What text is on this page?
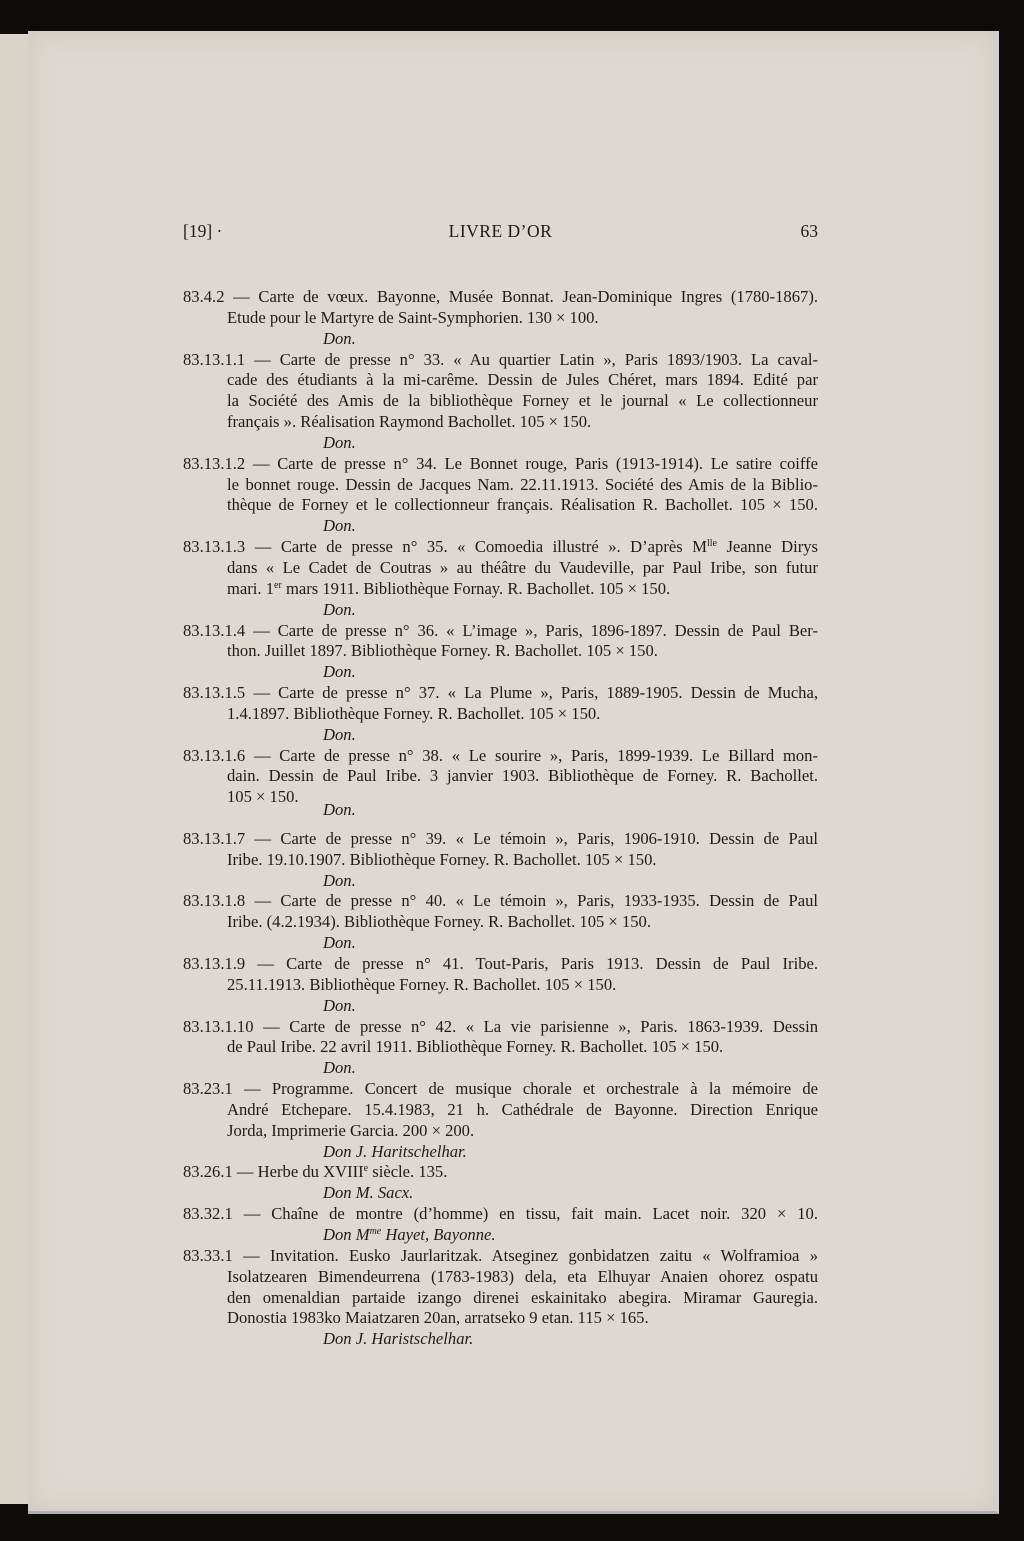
[19] ·	LIVRE D’OR	63
83.4.2 — Carte de vœux. Bayonne, Musée Bonnat. Jean-Dominique Ingres (1780-1867).
Etude pour le Martyre de Saint-Symphorien. 130 × 100.
Don.
83.13.1.1 — Carte de presse n° 33. « Au quartier Latin », Paris 1893/1903. La caval-
cade des étudiants à la mi-carême. Dessin de Jules Chéret, mars 1894. Edité par
la Société des Amis de la bibliothèque Forney et le journal « Le collectionneur
français ». Réalisation Raymond Bachollet. 105 × 150.
Don.
83.13.1.2 — Carte de presse n° 34. Le Bonnet rouge, Paris (1913-1914). Le satire coiffe
le bonnet rouge. Dessin de Jacques Nam. 22.11.1913. Société des Amis de la Biblio-
thèque de Forney et le collectionneur français. Réalisation R. Bachollet. 105 × 150.
Don.
83.13.1.3 — Carte de presse n° 35. « Comoedia illustré ». D’après $M^{lle}$ Jeanne Dirys
dans « Le Cadet de Coutras » au théâtre du Vaudeville, par Paul Iribe, son futur
mari. 1er mars 1911. Bibliothèque Fornay. R. Bachollet. 105 × 150.
Don.
83.13.1.4 — Carte de presse n° 36. « L’image », Paris, 1896-1897. Dessin de Paul Ber-
thon. Juillet 1897. Bibliothèque Forney. R. Bachollet. 105 × 150.
Don.
83.13.1.5 — Carte de presse n° 37. « La Plume », Paris, 1889-1905. Dessin de Mucha,
1.4.1897. Bibliothèque Forney. R. Bachollet. 105 × 150.
Don.
83.13.1.6 — Carte de presse n° 38. « Le sourire », Paris, 1899-1939. Le Billard mon-
dain. Dessin de Paul Iribe. 3 janvier 1903. Bibliothèque de Forney. R. Bachollet.
105 × 150.
Don.
83.13.1.7 — Carte de presse n° 39. « Le témoin », Paris, 1906-1910. Dessin de Paul
Iribe. 19.10.1907. Bibliothèque Forney. R. Bachollet. 105 × 150.
Don.
83.13.1.8 — Carte de presse n° 40. « Le témoin », Paris, 1933-1935. Dessin de Paul
Iribe. (4.2.1934). Bibliothèque Forney. R. Bachollet. 105 × 150.
Don.
83.13.1.9 — Carte de presse n° 41. Tout-Paris, Paris 1913. Dessin de Paul Iribe.
25.11.1913. Bibliothèque Forney. R. Bachollet. 105 × 150.
Don.
83.13.1.10 — Carte de presse n° 42. « La vie parisienne », Paris. 1863-1939. Dessin
de Paul Iribe. 22 avril 1911. Bibliothèque Forney. R. Bachollet. 105 × 150.
Don.
83.23.1 — Programme. Concert de musique chorale et orchestrale à la mémoire de
André Etchepare. 15.4.1983, 21 h. Cathédrale de Bayonne. Direction Enrique
Jorda, Imprimerie Garcia. 200 × 200.
Don J. Haritschelhar.
83.26.1 — Herbe du XVIIIe siècle. 135.
Don M. Sacx.
83.32.1 — Chaîne de montre (d’homme) en tissu, fait main. Lacet noir. 320 × 10.
Don $M^{me}$ Hayet, Bayonne.
83.33.1 — Invitation. Eusko Jaurlaritzak. Atseginez gonbidatzen zaitu « Wolframioa »
Isolatzearen Bimendeurrena (1783-1983) dela, eta Elhuyar Anaien ohorez ospatu
den omenaldian partaide izango direnei eskainitako abegira. Miramar Gauregia.
Donostia 1983ko Maiatzaren 20an, arratseko 9 etan. 115 × 165.
Don J. Haristschelhar.
